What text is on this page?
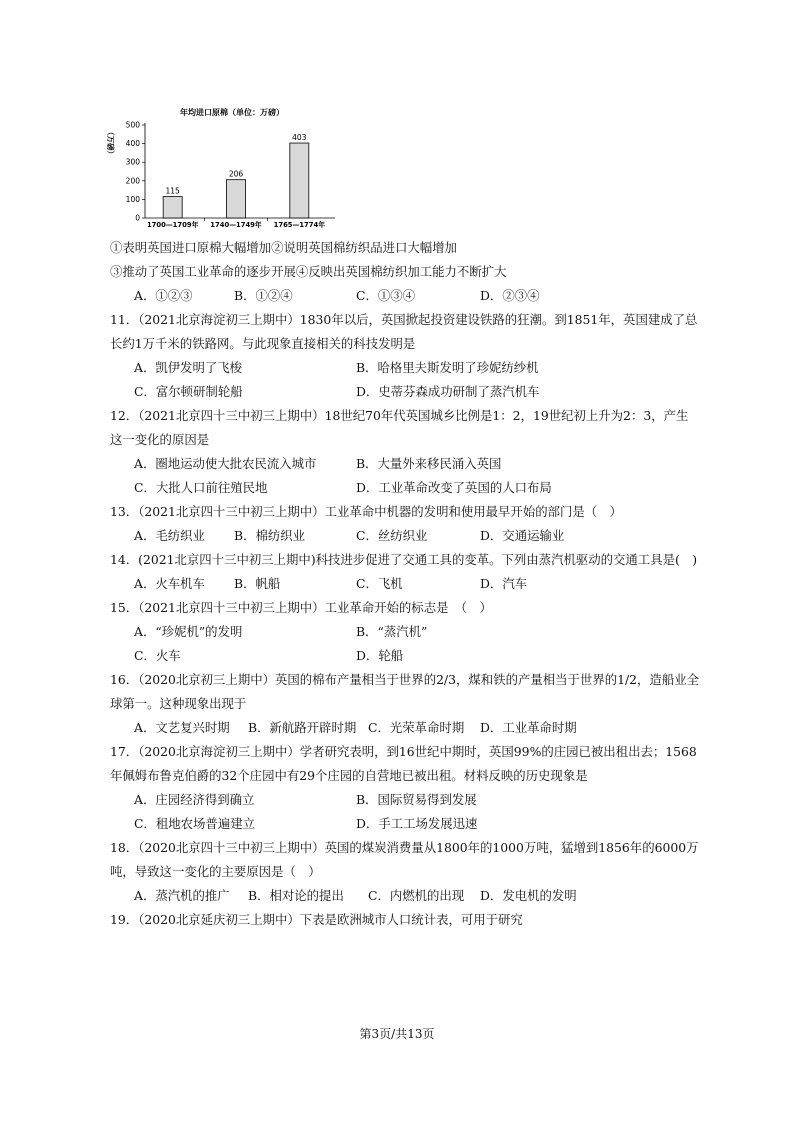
年均进口原棉（单位：万磅）
（万磅）
0
100
200
300
400
500
115
1700—1709年
206
1740—1749年
403
1765—1774年
①表明英国进口原棉大幅增加②说明英国棉纺织品进口大幅增加
③推动了英国工业革命的逐步开展④反映出英国棉纺织加工能力不断扩大
A．①②③	B．①②④	C．①③④	D．②③④
11．（2021北京海淀初三上期中）1830年以后，英国掀起投资建设铁路的狂潮。到1851年，英国建成了总
长约1万千米的铁路网。与此现象直接相关的科技发明是
A．凯伊发明了飞梭	B．哈格里夫斯发明了珍妮纺纱机
C．富尔顿研制轮船	D．史蒂芬森成功研制了蒸汽机车
12．（2021北京四十三中初三上期中）18世纪70年代英国城乡比例是1：2，19世纪初上升为2：3，产生
这一变化的原因是
A．圈地运动使大批农民流入城市	B．大量外来移民涌入英国
C．大批人口前往殖民地	D．工业革命改变了英国的人口布局
13．（2021北京四十三中初三上期中）工业革命中机器的发明和使用最早开始的部门是（　）
A．毛纺织业 B．棉纺织业	C．丝纺织业	D．交通运输业
14．(2021北京四十三中初三上期中)科技进步促进了交通工具的变革。下列由蒸汽机驱动的交通工具是(　)
A．火车机车 B．帆船	C．飞机	D．汽车
15．（2021北京四十三中初三上期中）工业革命开始的标志是　（　）
A．“珍妮机”的发明	B．“蒸汽机”
C．火车	D．轮船
16．（2020北京初三上期中）英国的棉布产量相当于世界的2/3，煤和铁的产量相当于世界的1/2，造船业全
球第一。这种现象出现于
A．文艺复兴时期 B．新航路开辟时期 C．光荣革命时期 D．工业革命时期
17．（2020北京海淀初三上期中）学者研究表明，到16世纪中期时，英国99%的庄园已被出租出去；1568
年佩姆布鲁克伯爵的32个庄园中有29个庄园的自营地已被出租。材料反映的历史现象是
A．庄园经济得到确立	B．国际贸易得到发展
C．租地农场普遍建立	D．手工工场发展迅速
18．（2020北京四十三中初三上期中）英国的煤炭消费量从1800年的1000万吨，猛增到1856年的6000万
吨，导致这一变化的主要原因是（　）
A．蒸汽机的推广 B．相对论的提出 C．内燃机的出现 D．发电机的发明
19．（2020北京延庆初三上期中）下表是欧洲城市人口统计表，可用于研究
第3页/共13页
